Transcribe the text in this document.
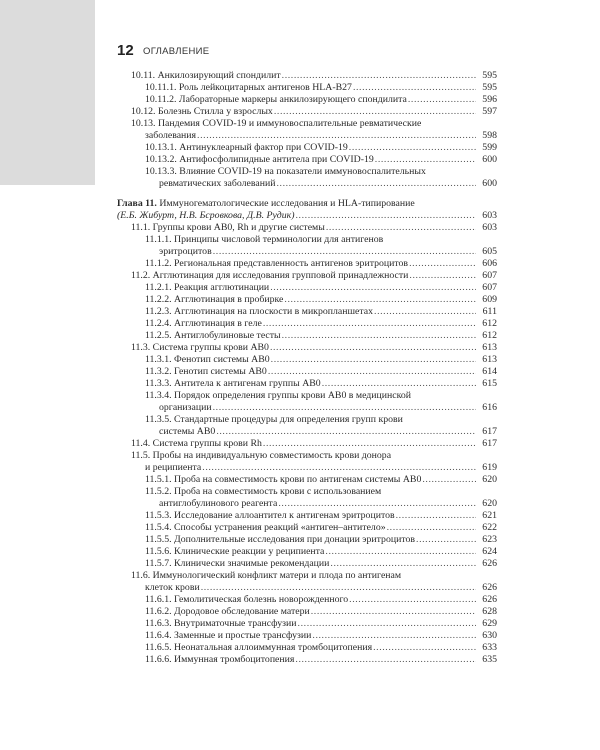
12 ОГЛАВЛЕНИЕ
10.11. Анкилозирующий спондилит .....	595
10.11.1. Роль лейкоцитарных антигенов HLA-B27 .....	595
10.11.2. Лабораторные маркеры анкилозирующего спондилита .....	596
10.12. Болезнь Стилла у взрослых .....	597
10.13. Пандемия COVID-19 и иммуновоспалительные ревматические
заболевания .....	598
10.13.1. Антинуклеарный фактор при COVID-19 .....	599
10.13.2. Антифосфолипидные антитела при COVID-19 .....	600
10.13.3. Влияние COVID-19 на показатели иммуновоспалительных
ревматических заболеваний .....	600
Глава 11. Иммуногематологические исследования и HLA-типирование
(Е.Б. Жибурт, Н.В. Бсровкова, Д.В. Рудик) .....	603
11.1. Группы крови АВ0, Rh и другие системы .....	603
11.1.1. Принципы числовой терминологии для антигенов
эритроцитов .....	605
11.1.2. Региональная представленность антигенов эритроцитов .....	606
11.2. Агглютинация для исследования групповой принадлежности .....	607
11.2.1. Реакция агглютинации .....	607
11.2.2. Агглютинация в пробирке .....	609
11.2.3. Агглютинация на плоскости в микропланшетах .....	611
11.2.4. Агглютинация в геле .....	612
11.2.5. Антиглобулиновые тесты .....	612
11.3. Система группы крови АВ0 .....	613
11.3.1. Фенотип системы АВ0 .....	613
11.3.2. Генотип системы АВ0 .....	614
11.3.3. Антитела к антигенам группы АВ0 .....	615
11.3.4. Порядок определения группы крови АВ0 в медицинской
организации .....	616
11.3.5. Стандартные процедуры для определения групп крови
системы АВ0 .....	617
11.4. Система группы крови Rh .....	617
11.5. Пробы на индивидуальную совместимость крови донора
и реципиента .....	619
11.5.1. Проба на совместимость крови по антигенам системы АВ0 .....	620
11.5.2. Проба на совместимость крови с использованием
антиглобулинового реагента .....	620
11.5.3. Исследование аллоантител к антигенам эритроцитов .....	621
11.5.4. Способы устранения реакций «антиген–антитело» .....	622
11.5.5. Дополнительные исследования при донации эритроцитов .....	623
11.5.6. Клинические реакции у реципиента .....	624
11.5.7. Клинически значимые рекомендации .....	626
11.6. Иммунологический конфликт матери и плода по антигенам
клеток крови .....	626
11.6.1. Гемолитическая болезнь новорожденного .....	626
11.6.2. Дородовое обследование матери .....	628
11.6.3. Внутриматочные трансфузии .....	629
11.6.4. Заменные и простые трансфузии .....	630
11.6.5. Неонатальная аллоиммунная тромбоцитопения .....	633
11.6.6. Иммунная тромбоцитопения .....	635
